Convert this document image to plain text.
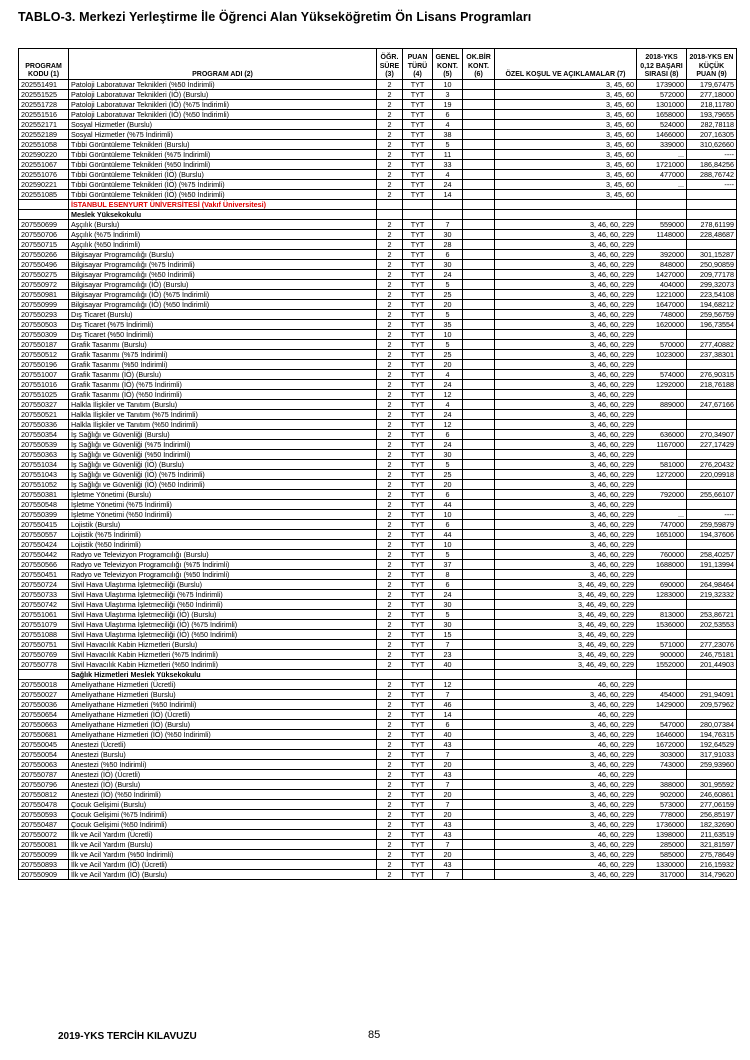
TABLO-3. Merkezi Yerleştirme İle Öğrenci Alan Yükseköğretim Ön Lisans Programları
PROGRAM KODU (1)	PROGRAM ADI (2)	ÖĞR. SÜRE (3)	PUAN TÜRÜ (4)	GENEL KONT. (5)	OK.BİR KONT. (6)	ÖZEL KOŞUL VE AÇIKLAMALAR (7)	2018-YKS 0,12 BAŞARI SIRASI (8)	2018-YKS EN KÜÇÜK PUAN (9)
202551491	Patoloji Laboratuvar Teknikleri (%50 İndirimli)	2	TYT	10		3, 45, 60	1739000	179,67475
202551525	Patoloji Laboratuvar Teknikleri (İÖ) (Burslu)	2	TYT	3		3, 45, 60	572000	277,18000
202551728	Patoloji Laboratuvar Teknikleri (İÖ) (%75 İndirimli)	2	TYT	19		3, 45, 60	1301000	218,11780
202551516	Patoloji Laboratuvar Teknikleri (İÖ) (%50 İndirimli)	2	TYT	6		3, 45, 60	1658000	193,79655
202552171	Sosyal Hizmetler (Burslu)	2	TYT	4		3, 45, 60	524000	282,78118
202552189	Sosyal Hizmetler (%75 İndirimli)	2	TYT	38		3, 45, 60	1466000	207,16305
202551058	Tıbbi Görüntüleme Teknikleri (Burslu)	2	TYT	5		3, 45, 60	339000	310,62660
202590220	Tıbbi Görüntüleme Teknikleri (%75 İndirimli)	2	TYT	11		3, 45, 60	...	----
202551067	Tıbbi Görüntüleme Teknikleri (%50 İndirimli)	2	TYT	33		3, 45, 60	1721000	186,84256
202551076	Tıbbi Görüntüleme Teknikleri (İÖ) (Burslu)	2	TYT	4		3, 45, 60	477000	288,76742
202590221	Tıbbi Görüntüleme Teknikleri (İÖ) (%75 İndirimli)	2	TYT	24		3, 45, 60	...	----
202551085	Tıbbi Görüntüleme Teknikleri (İÖ) (%50 İndirimli)	2	TYT	14		3, 45, 60		
	İSTANBUL ESENYURT ÜNİVERSİTESİ (Vakıf Üniversitesi)							
	Meslek Yüksekokulu							
207550699	Aşçılık (Burslu)	2	TYT	7		3, 46, 60, 229	559000	278,61199
207550706	Aşçılık (%75 İndirimli)	2	TYT	30		3, 46, 60, 229	1148000	228,48687
207550715	Aşçılık (%50 İndirimli)	2	TYT	28		3, 46, 60, 229		
207550266	Bilgisayar Programcılığı (Burslu)	2	TYT	6		3, 46, 60, 229	392000	301,15287
207550496	Bilgisayar Programcılığı (%75 İndirimli)	2	TYT	30		3, 46, 60, 229	848000	250,90859
207550275	Bilgisayar Programcılığı (%50 İndirimli)	2	TYT	24		3, 46, 60, 229	1427000	209,77178
207550972	Bilgisayar Programcılığı (İÖ) (Burslu)	2	TYT	5		3, 46, 60, 229	404000	299,32073
207550981	Bilgisayar Programcılığı (İÖ) (%75 İndirimli)	2	TYT	25		3, 46, 60, 229	1221000	223,54108
207550999	Bilgisayar Programcılığı (İÖ) (%50 İndirimli)	2	TYT	20		3, 46, 60, 229	1647000	194,68212
207550293	Dış Ticaret (Burslu)	2	TYT	5		3, 46, 60, 229	748000	259,56759
207550503	Dış Ticaret (%75 İndirimli)	2	TYT	35		3, 46, 60, 229	1620000	196,73554
207550309	Dış Ticaret (%50 İndirimli)	2	TYT	10		3, 46, 60, 229		
207550187	Grafik Tasarımı (Burslu)	2	TYT	5		3, 46, 60, 229	570000	277,40882
207550512	Grafik Tasarımı (%75 İndirimli)	2	TYT	25		3, 46, 60, 229	1023000	237,38301
207550196	Grafik Tasarımı (%50 İndirimli)	2	TYT	20		3, 46, 60, 229		
207551007	Grafik Tasarımı (İÖ) (Burslu)	2	TYT	4		3, 46, 60, 229	574000	276,90315
207551016	Grafik Tasarımı (İÖ) (%75 İndirimli)	2	TYT	24		3, 46, 60, 229	1292000	218,76188
207551025	Grafik Tasarımı (İÖ) (%50 İndirimli)	2	TYT	12		3, 46, 60, 229		
207550327	Halkla İlişkiler ve Tanıtım (Burslu)	2	TYT	4		3, 46, 60, 229	889000	247,67166
207550521	Halkla İlişkiler ve Tanıtım (%75 İndirimli)	2	TYT	24		3, 46, 60, 229		
207550336	Halkla İlişkiler ve Tanıtım (%50 İndirimli)	2	TYT	12		3, 46, 60, 229		
207550354	İş Sağlığı ve Güvenliği (Burslu)	2	TYT	6		3, 46, 60, 229	636000	270,34907
207550539	İş Sağlığı ve Güvenliği (%75 İndirimli)	2	TYT	24		3, 46, 60, 229	1167000	227,17429
207550363	İş Sağlığı ve Güvenliği (%50 İndirimli)	2	TYT	30		3, 46, 60, 229		
207551034	İş Sağlığı ve Güvenliği (İÖ) (Burslu)	2	TYT	5		3, 46, 60, 229	581000	276,20432
207551043	İş Sağlığı ve Güvenliği (İÖ) (%75 İndirimli)	2	TYT	25		3, 46, 60, 229	1272000	220,09918
207551052	İş Sağlığı ve Güvenliği (İÖ) (%50 İndirimli)	2	TYT	20		3, 46, 60, 229		
207550381	İşletme Yönetimi (Burslu)	2	TYT	6		3, 46, 60, 229	792000	255,66107
207550548	İşletme Yönetimi (%75 İndirimli)	2	TYT	44		3, 46, 60, 229		
207550399	İşletme Yönetimi (%50 İndirimli)	2	TYT	10		3, 46, 60, 229	...	----
207550415	Lojistik (Burslu)	2	TYT	6		3, 46, 60, 229	747000	259,59879
207550557	Lojistik (%75 İndirimli)	2	TYT	44		3, 46, 60, 229	1651000	194,37606
207550424	Lojistik (%50 İndirimli)	2	TYT	10		3, 46, 60, 229		
207550442	Radyo ve Televizyon Programcılığı (Burslu)	2	TYT	5		3, 46, 60, 229	760000	258,40257
207550566	Radyo ve Televizyon Programcılığı (%75 İndirimli)	2	TYT	37		3, 46, 60, 229	1688000	191,13994
207550451	Radyo ve Televizyon Programcılığı (%50 İndirimli)	2	TYT	8		3, 46, 60, 229		
207550724	Sivil Hava Ulaştırma İşletmeciliği (Burslu)	2	TYT	6		3, 46, 49, 60, 229	690000	264,98464
207550733	Sivil Hava Ulaştırma İşletmeciliği (%75 İndirimli)	2	TYT	24		3, 46, 49, 60, 229	1283000	219,32332
207550742	Sivil Hava Ulaştırma İşletmeciliği (%50 İndirimli)	2	TYT	30		3, 46, 49, 60, 229		
207551061	Sivil Hava Ulaştırma İşletmeciliği (İÖ) (Burslu)	2	TYT	5		3, 46, 49, 60, 229	813000	253,86721
207551079	Sivil Hava Ulaştırma İşletmeciliği (İÖ) (%75 İndirimli)	2	TYT	30		3, 46, 49, 60, 229	1536000	202,53553
207551088	Sivil Hava Ulaştırma İşletmeciliği (İÖ) (%50 İndirimli)	2	TYT	15		3, 46, 49, 60, 229		
207550751	Sivil Havacılık Kabin Hizmetleri (Burslu)	2	TYT	7		3, 46, 49, 60, 229	571000	277,23076
207550769	Sivil Havacılık Kabin Hizmetleri (%75 İndirimli)	2	TYT	23		3, 46, 49, 60, 229	900000	246,75181
207550778	Sivil Havacılık Kabin Hizmetleri (%50 İndirimli)	2	TYT	40		3, 46, 49, 60, 229	1552000	201,44903
	Sağlık Hizmetleri Meslek Yüksekokulu							
207550018	Ameliyathane Hizmetleri (Ücretli)	2	TYT	12		46, 60, 229		
207550027	Ameliyathane Hizmetleri (Burslu)	2	TYT	7		3, 46, 60, 229	454000	291,94091
207550036	Ameliyathane Hizmetleri (%50 İndirimli)	2	TYT	46		3, 46, 60, 229	1429000	209,57962
207550654	Ameliyathane Hizmetleri (İÖ) (Ücretli)	2	TYT	14		46, 60, 229		
207550663	Ameliyathane Hizmetleri (İÖ) (Burslu)	2	TYT	6		3, 46, 60, 229	547000	280,07384
207550681	Ameliyathane Hizmetleri (İÖ) (%50 İndirimli)	2	TYT	40		3, 46, 60, 229	1646000	194,76315
207550045	Anestezi (Ücretli)	2	TYT	43		46, 60, 229	1672000	192,64529
207550054	Anestezi (Burslu)	2	TYT	7		3, 46, 60, 229	303000	317,91033
207550063	Anestezi (%50 İndirimli)	2	TYT	20		3, 46, 60, 229	743000	259,93960
207550787	Anestezi (İÖ) (Ücretli)	2	TYT	43		46, 60, 229		
207550796	Anestezi (İÖ) (Burslu)	2	TYT	7		3, 46, 60, 229	388000	301,95592
207550812	Anestezi (İÖ) (%50 İndirimli)	2	TYT	20		3, 46, 60, 229	902000	246,60861
207550478	Çocuk Gelişimi (Burslu)	2	TYT	7		3, 46, 60, 229	573000	277,06159
207550593	Çocuk Gelişimi (%75 İndirimli)	2	TYT	20		3, 46, 60, 229	778000	256,85197
207550487	Çocuk Gelişimi (%50 İndirimli)	2	TYT	43		3, 46, 60, 229	1736000	182,32690
207550072	İlk ve Acil Yardım (Ücretli)	2	TYT	43		46, 60, 229	1398000	211,63519
207550081	İlk ve Acil Yardım (Burslu)	2	TYT	7		3, 46, 60, 229	285000	321,81597
207550099	İlk ve Acil Yardım (%50 İndirimli)	2	TYT	20		3, 46, 60, 229	585000	275,78649
207550893	İlk ve Acil Yardım (İÖ) (Ücretli)	2	TYT	43		46, 60, 229	1330000	216,15932
207550909	İlk ve Acil Yardım (İÖ) (Burslu)	2	TYT	7		3, 46, 60, 229	317000	314,79620
2019-YKS TERCİH KILAVUZU	85
